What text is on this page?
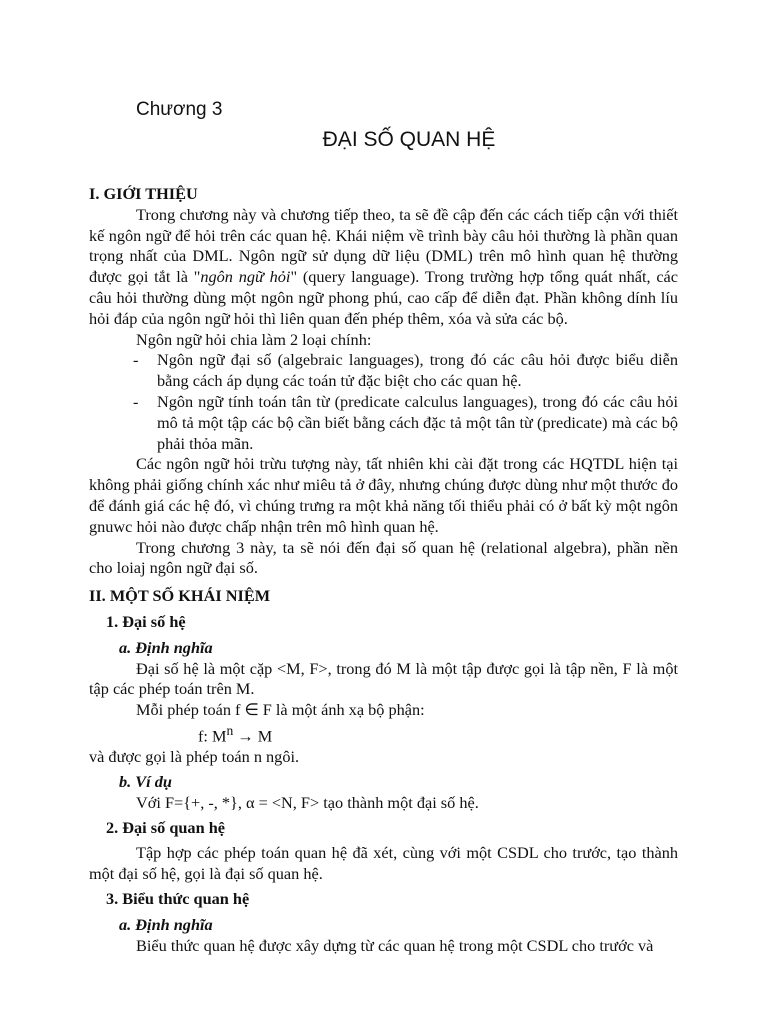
Chương 3
ĐẠI SỐ QUAN HỆ
I. GIỚI THIỆU

Trong chương này và chương tiếp theo, ta sẽ đề cập đến các cách tiếp cận với thiết kế ngôn ngữ để hỏi trên các quan hệ. Khái niệm về trình bày câu hỏi thường là phần quan trọng nhất của DML. Ngôn ngữ sử dụng dữ liệu (DML) trên mô hình quan hệ thường được gọi tắt là "ngôn ngữ hỏi" (query language). Trong trường hợp tổng quát nhất, các câu hỏi thường dùng một ngôn ngữ phong phú, cao cấp để diễn đạt. Phần không dính líu hỏi đáp của ngôn ngữ hỏi thì liên quan đến phép thêm, xóa và sửa các bộ.

Ngôn ngữ hỏi chia làm 2 loại chính:

-	Ngôn ngữ đại số (algebraic languages), trong đó các câu hỏi được biểu diễn bằng cách áp dụng các toán tử đặc biệt cho các quan hệ.
-	Ngôn ngữ tính toán tân từ (predicate calculus languages), trong đó các câu hỏi mô tả một tập các bộ cần biết bằng cách đặc tả một tân từ (predicate) mà các bộ phải thỏa mãn.

Các ngôn ngữ hỏi trừu tượng này, tất nhiên khi cài đặt trong các HQTDL hiện tại không phải giống chính xác như miêu tả ở đây, nhưng chúng được dùng như một thước đo để đánh giá các hệ đó, vì chúng trưng ra một khả năng tối thiểu phải có ở bất kỳ một ngôn gnuwc hỏi nào được chấp nhận trên mô hình quan hệ.

Trong chương 3 này, ta sẽ nói đến đại số quan hệ (relational algebra), phần nền cho loiaj ngôn ngữ đại số.

II. MỘT SỐ KHÁI NIỆM
1. Đại số hệ
a. Định nghĩa

Đại số hệ là một cặp <M, F>, trong đó M là một tập được gọi là tập nền, F là một tập các phép toán trên M.

Mỗi phép toán f ∈ F là một ánh xạ bộ phận:

f: $M^n \to M$

và được gọi là phép toán n ngôi.

b. Ví dụ

Với F={+, -, *}, α = <N, F> tạo thành một đại số hệ.

2. Đại số quan hệ

Tập hợp các phép toán quan hệ đã xét, cùng với một CSDL cho trước, tạo thành một đại số hệ, gọi là đại số quan hệ.

3. Biểu thức quan hệ
a. Định nghĩa

Biểu thức quan hệ được xây dựng từ các quan hệ trong một CSDL cho trước và
